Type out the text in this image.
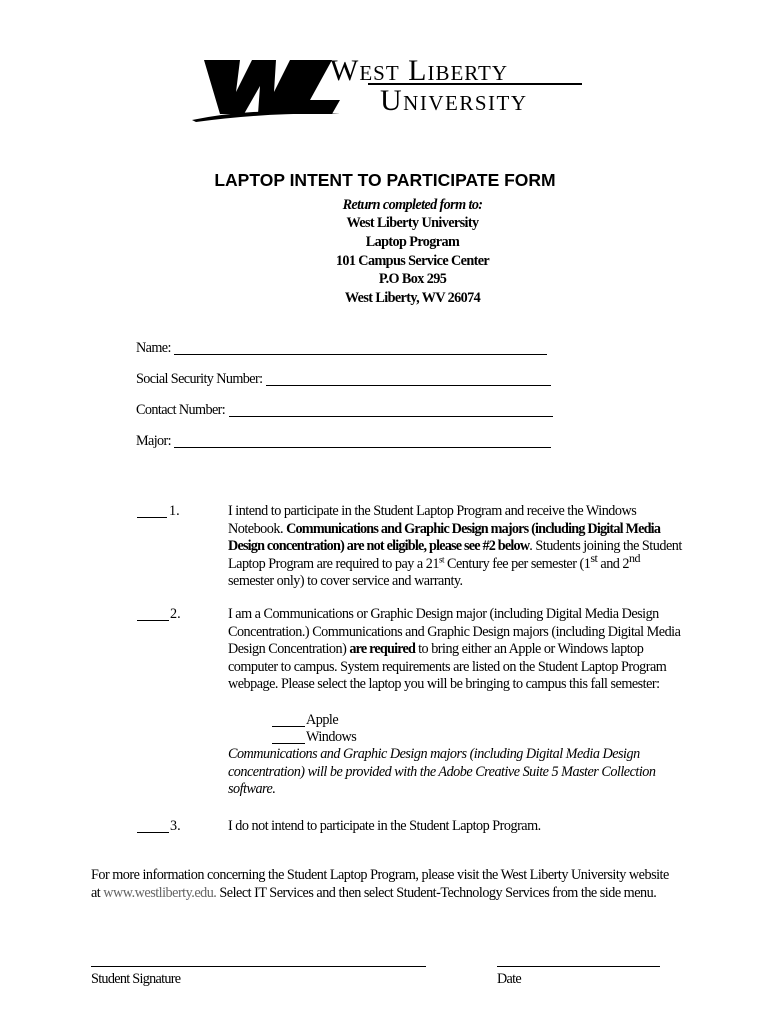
West Liberty
University
LAPTOP INTENT TO PARTICIPATE FORM
Return completed form to:
West Liberty University
Laptop Program
101 Campus Service Center
P.O Box 295
West Liberty, WV 26074
Name:
Social Security Number:
Contact Number:
Major:
1.	I intend to participate in the Student Laptop Program and receive the Windows Notebook. Communications and Graphic Design majors (including Digital Media Design concentration) are not eligible, please see #2 below. Students joining the Student Laptop Program are required to pay a 21st Century fee per semester (1st and 2nd semester only) to cover service and warranty.
2.	I am a Communications or Graphic Design major (including Digital Media Design Concentration.) Communications and Graphic Design majors (including Digital Media Design Concentration) are required to bring either an Apple or Windows laptop computer to campus. System requirements are listed on the Student Laptop Program webpage. Please select the laptop you will be bringing to campus this fall semester:
Apple
Windows
Communications and Graphic Design majors (including Digital Media Design concentration) will be provided with the Adobe Creative Suite 5 Master Collection software.
3.	I do not intend to participate in the Student Laptop Program.
For more information concerning the Student Laptop Program, please visit the West Liberty University website at www.westliberty.edu. Select IT Services and then select Student-Technology Services from the side menu.
Student Signature	Date
